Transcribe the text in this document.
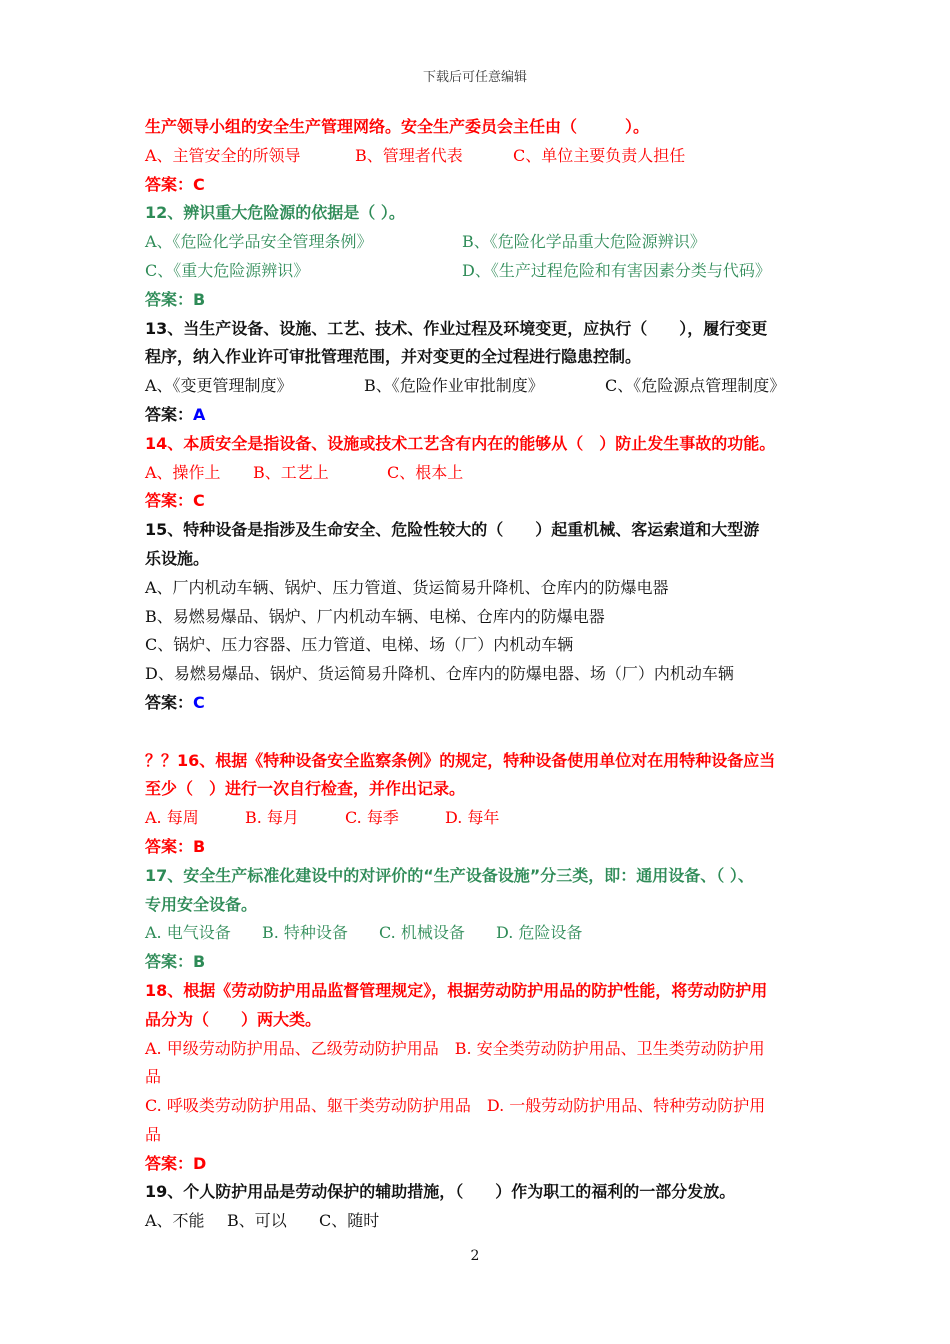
下载后可任意编辑
生产领导小组的安全生产管理网络。安全生产委员会主任由（　　　）。
A、主管安全的所领导	B、管理者代表	C、单位主要负责人担任
答案：C
12、辨识重大危险源的依据是（ ）。
A、《危险化学品安全管理条例》	B、《危险化学品重大危险源辨识》
C、《重大危险源辨识》	D、《生产过程危险和有害因素分类与代码》
答案：B
13、当生产设备、设施、工艺、技术、作业过程及环境变更，应执行（　　），履行变更
程序，纳入作业许可审批管理范围，并对变更的全过程进行隐患控制。
A、《变更管理制度》	B、《危险作业审批制度》	C、《危险源点管理制度》
答案：A
14、本质安全是指设备、设施或技术工艺含有内在的能够从（　）防止发生事故的功能。
A、操作上 B、工艺上	C、根本上
答案：C
15、特种设备是指涉及生命安全、危险性较大的（　　）起重机械、客运索道和大型游
乐设施。
A、厂内机动车辆、锅炉、压力管道、货运简易升降机、仓库内的防爆电器
B、易燃易爆品、锅炉、厂内机动车辆、电梯、仓库内的防爆电器
C、锅炉、压力容器、压力管道、电梯、场（厂）内机动车辆
D、易燃易爆品、锅炉、货运简易升降机、仓库内的防爆电器、场（厂）内机动车辆
答案：C
？？16、根据《特种设备安全监察条例》的规定，特种设备使用单位对在用特种设备应当
至少（　）进行一次自行检查，并作出记录。
A. 每周	B. 每月	C. 每季	D. 每年
答案：B
17、安全生产标准化建设中的对评价的“生产设备设施”分三类，即：通用设备、（ ）、
专用安全设备。
A. 电气设备 B. 特种设备 C. 机械设备 D. 危险设备
答案：B
18、根据《劳动防护用品监督管理规定》，根据劳动防护用品的防护性能，将劳动防护用
品分为（　　）两大类。
A. 甲级劳动防护用品、乙级劳动防护用品　B. 安全类劳动防护用品、卫生类劳动防护用
品
C. 呼吸类劳动防护用品、躯干类劳动防护用品　D. 一般劳动防护用品、特种劳动防护用
品
答案：D
19、个人防护用品是劳动保护的辅助措施，（　　）作为职工的福利的一部分发放。
A、不能 B、可以 C、随时
2
